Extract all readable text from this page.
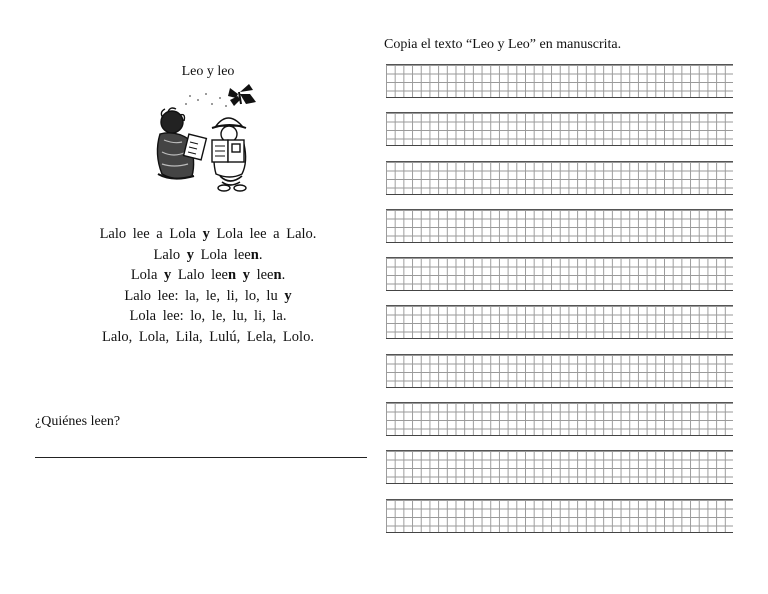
Leo y leo
Lalo lee a Lola y Lola lee a Lalo.
Lalo y Lola leen.
Lola y Lalo leen y leen.
Lalo lee: la, le, li, lo, lu y
Lola lee: lo, le, lu, li, la.
Lalo, Lola, Lila, Lulú, Lela, Lolo.
¿Quiénes leen?
Copia el texto “Leo y Leo” en manuscrita.
